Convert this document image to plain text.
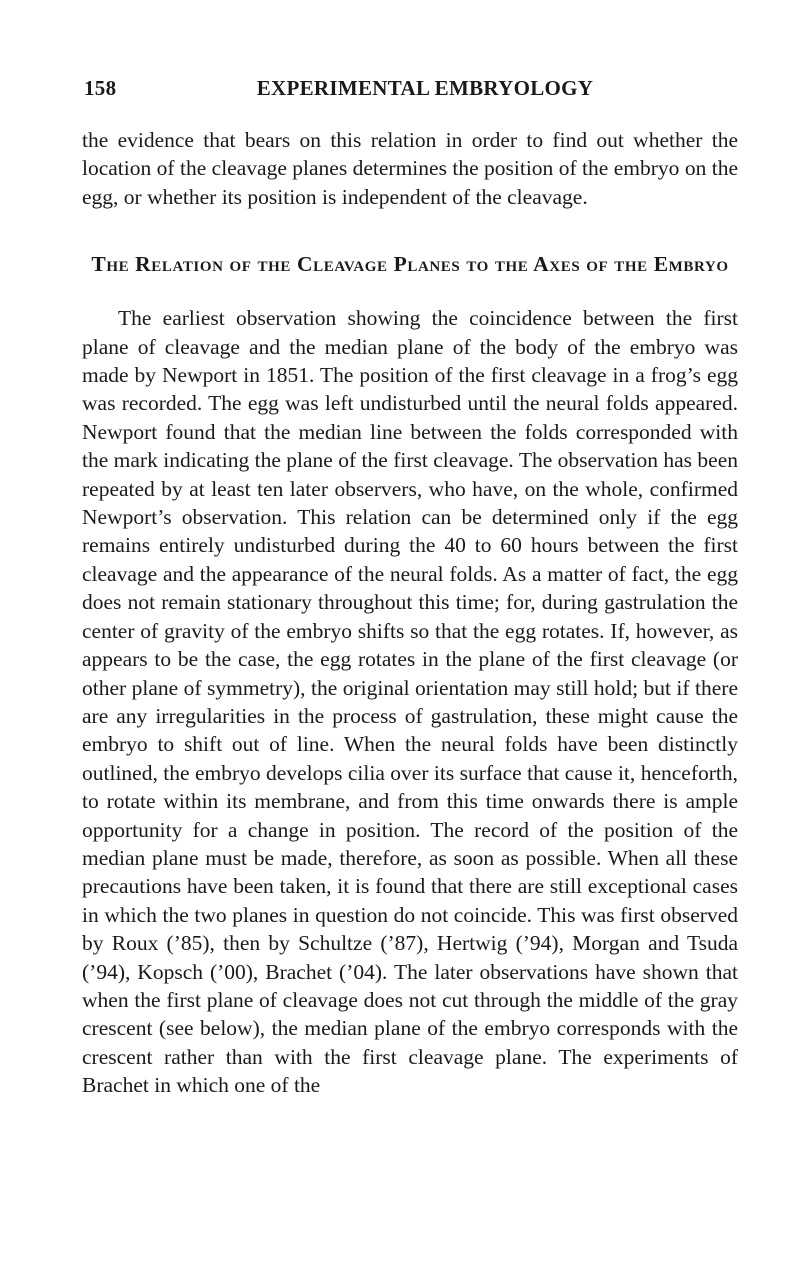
158	EXPERIMENTAL EMBRYOLOGY

the evidence that bears on this relation in order to find out whether the location of the cleavage planes determines the position of the embryo on the egg, or whether its position is independent of the cleavage.

The Relation of the Cleavage Planes to the Axes of the Embryo

The earliest observation showing the coincidence between the first plane of cleavage and the median plane of the body of the embryo was made by Newport in 1851. The position of the first cleavage in a frog’s egg was recorded. The egg was left undisturbed until the neural folds appeared. Newport found that the median line between the folds corresponded with the mark indicating the plane of the first cleavage. The observation has been repeated by at least ten later observers, who have, on the whole, confirmed Newport’s observation. This relation can be determined only if the egg remains entirely undisturbed during the 40 to 60 hours between the first cleavage and the appearance of the neural folds. As a matter of fact, the egg does not remain stationary throughout this time; for, during gastrulation the center of gravity of the embryo shifts so that the egg rotates. If, however, as appears to be the case, the egg rotates in the plane of the first cleavage (or other plane of symmetry), the original orientation may still hold; but if there are any irregularities in the process of gastrulation, these might cause the embryo to shift out of line. When the neural folds have been distinctly outlined, the embryo develops cilia over its surface that cause it, henceforth, to rotate within its membrane, and from this time onwards there is ample opportunity for a change in position. The record of the position of the median plane must be made, therefore, as soon as possible. When all these precautions have been taken, it is found that there are still exceptional cases in which the two planes in question do not coincide. This was first observed by Roux (’85), then by Schultze (’87), Hertwig (’94), Morgan and Tsuda (’94), Kopsch (’00), Brachet (’04). The later observations have shown that when the first plane of cleavage does not cut through the middle of the gray crescent (see below), the median plane of the embryo corresponds with the crescent rather than with the first cleavage plane. The experiments of Brachet in which one of the
